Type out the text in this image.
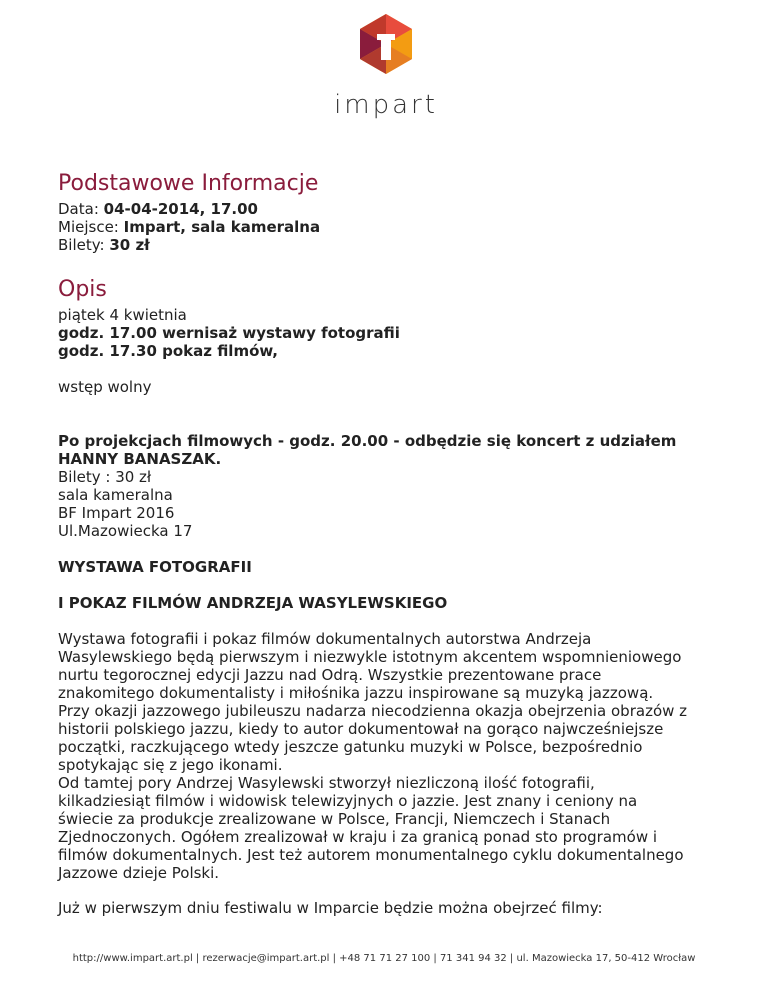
impart
Podstawowe Informacje

Data: 04-04-2014, 17.00

Miejsce: Impart, sala kameralna

Bilety: 30 zł

Opis

piątek 4 kwietnia

godz. 17.00 wernisaż wystawy fotografii

godz. 17.30 pokaz filmów,

wstęp wolny

Po projekcjach filmowych - godz. 20.00 - odbędzie się koncert z udziałem

HANNY BANASZAK.

Bilety : 30 zł

sala kameralna

BF Impart 2016

Ul.Mazowiecka 17

WYSTAWA FOTOGRAFII

I POKAZ FILMÓW ANDRZEJA WASYLEWSKIEGO

Wystawa fotografii i pokaz filmów dokumentalnych autorstwa Andrzeja

Wasylewskiego będą pierwszym i niezwykle istotnym akcentem wspomnieniowego

nurtu tegorocznej edycji Jazzu nad Odrą. Wszystkie prezentowane prace

znakomitego dokumentalisty i miłośnika jazzu inspirowane są muzyką jazzową.

Przy okazji jazzowego jubileuszu nadarza niecodzienna okazja obejrzenia obrazów z

historii polskiego jazzu, kiedy to autor dokumentował na gorąco najwcześniejsze

początki, raczkującego wtedy jeszcze gatunku muzyki w Polsce, bezpośrednio

spotykając się z jego ikonami.

Od tamtej pory Andrzej Wasylewski stworzył niezliczoną ilość fotografii,

kilkadziesiąt filmów i widowisk telewizyjnych o jazzie. Jest znany i ceniony na

świecie za produkcje zrealizowane w Polsce, Francji, Niemczech i Stanach

Zjednoczonych. Ogółem zrealizował w kraju i za granicą ponad sto programów i

filmów dokumentalnych. Jest też autorem monumentalnego cyklu dokumentalnego

Jazzowe dzieje Polski.

Już w pierwszym dniu festiwalu w Imparcie będzie można obejrzeć filmy:

http://www.impart.art.pl | rezerwacje@impart.art.pl | +48 71 71 27 100 | 71 341 94 32 | ul. Mazowiecka 17, 50-412 Wrocław
